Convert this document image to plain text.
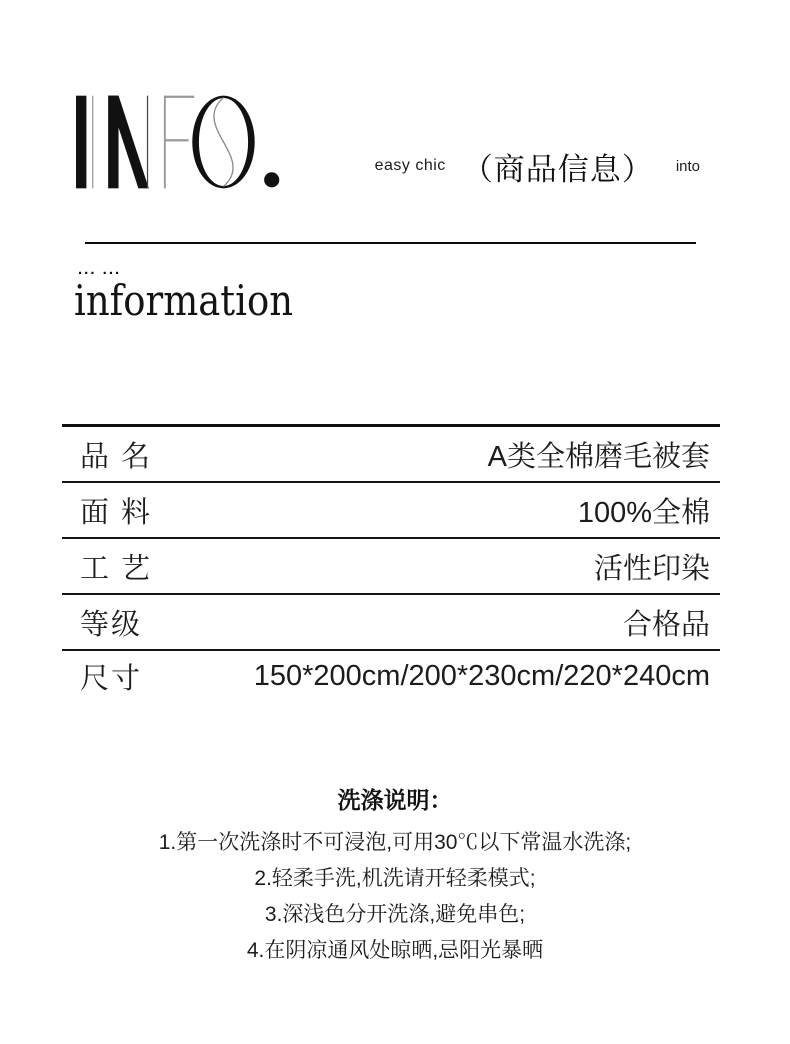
easy chic （商品信息） into
... ...
information
品 名	A类全棉磨毛被套
面 料	100%全棉
工 艺	活性印染
等级	合格品
尺寸	150*200cm/200*230cm/220*240cm

洗涤说明：

1.第一次洗涤时不可浸泡,可用30℃以下常温水洗涤;

2.轻柔手洗,机洗请开轻柔模式;

3.深浅色分开洗涤,避免串色;

4.在阴凉通风处晾晒,忌阳光暴晒
